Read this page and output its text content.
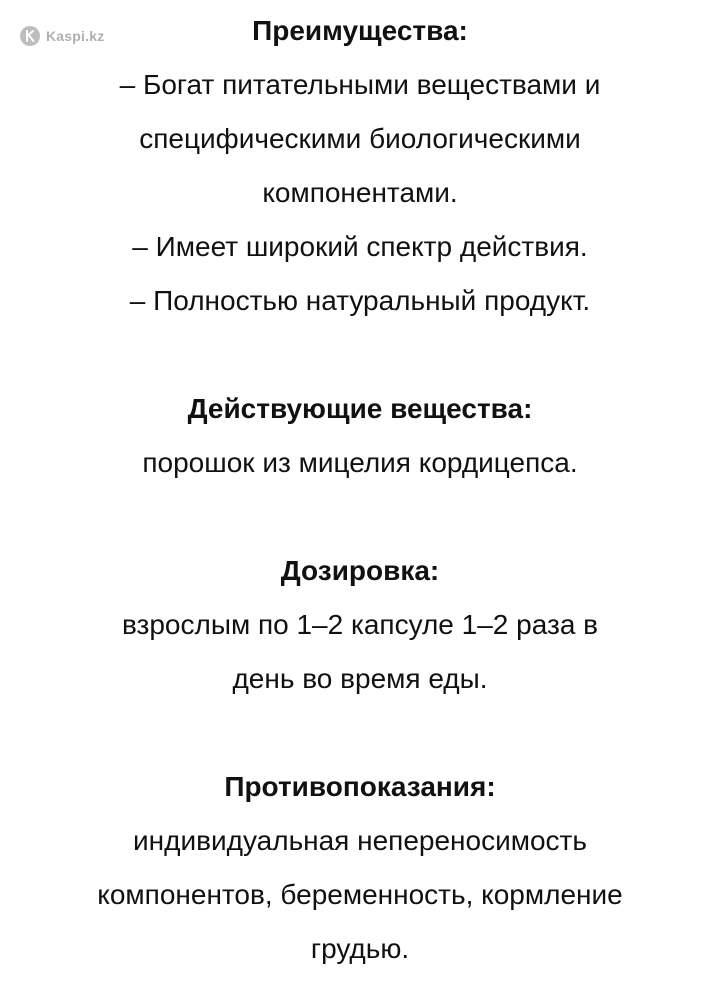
Kaspi.kz	Преимущества:
– Богат питательными веществами и
специфическими биологическими
компонентами.
– Имеет широкий спектр действия.
– Полностью натуральный продукт.
Действующие вещества:
порошок из мицелия кордицепса.
Дозировка:
взрослым по 1–2 капсуле 1–2 раза в
день во время еды.
Противопоказания:
индивидуальная непереносимость
компонентов, беременность, кормление
грудью.
